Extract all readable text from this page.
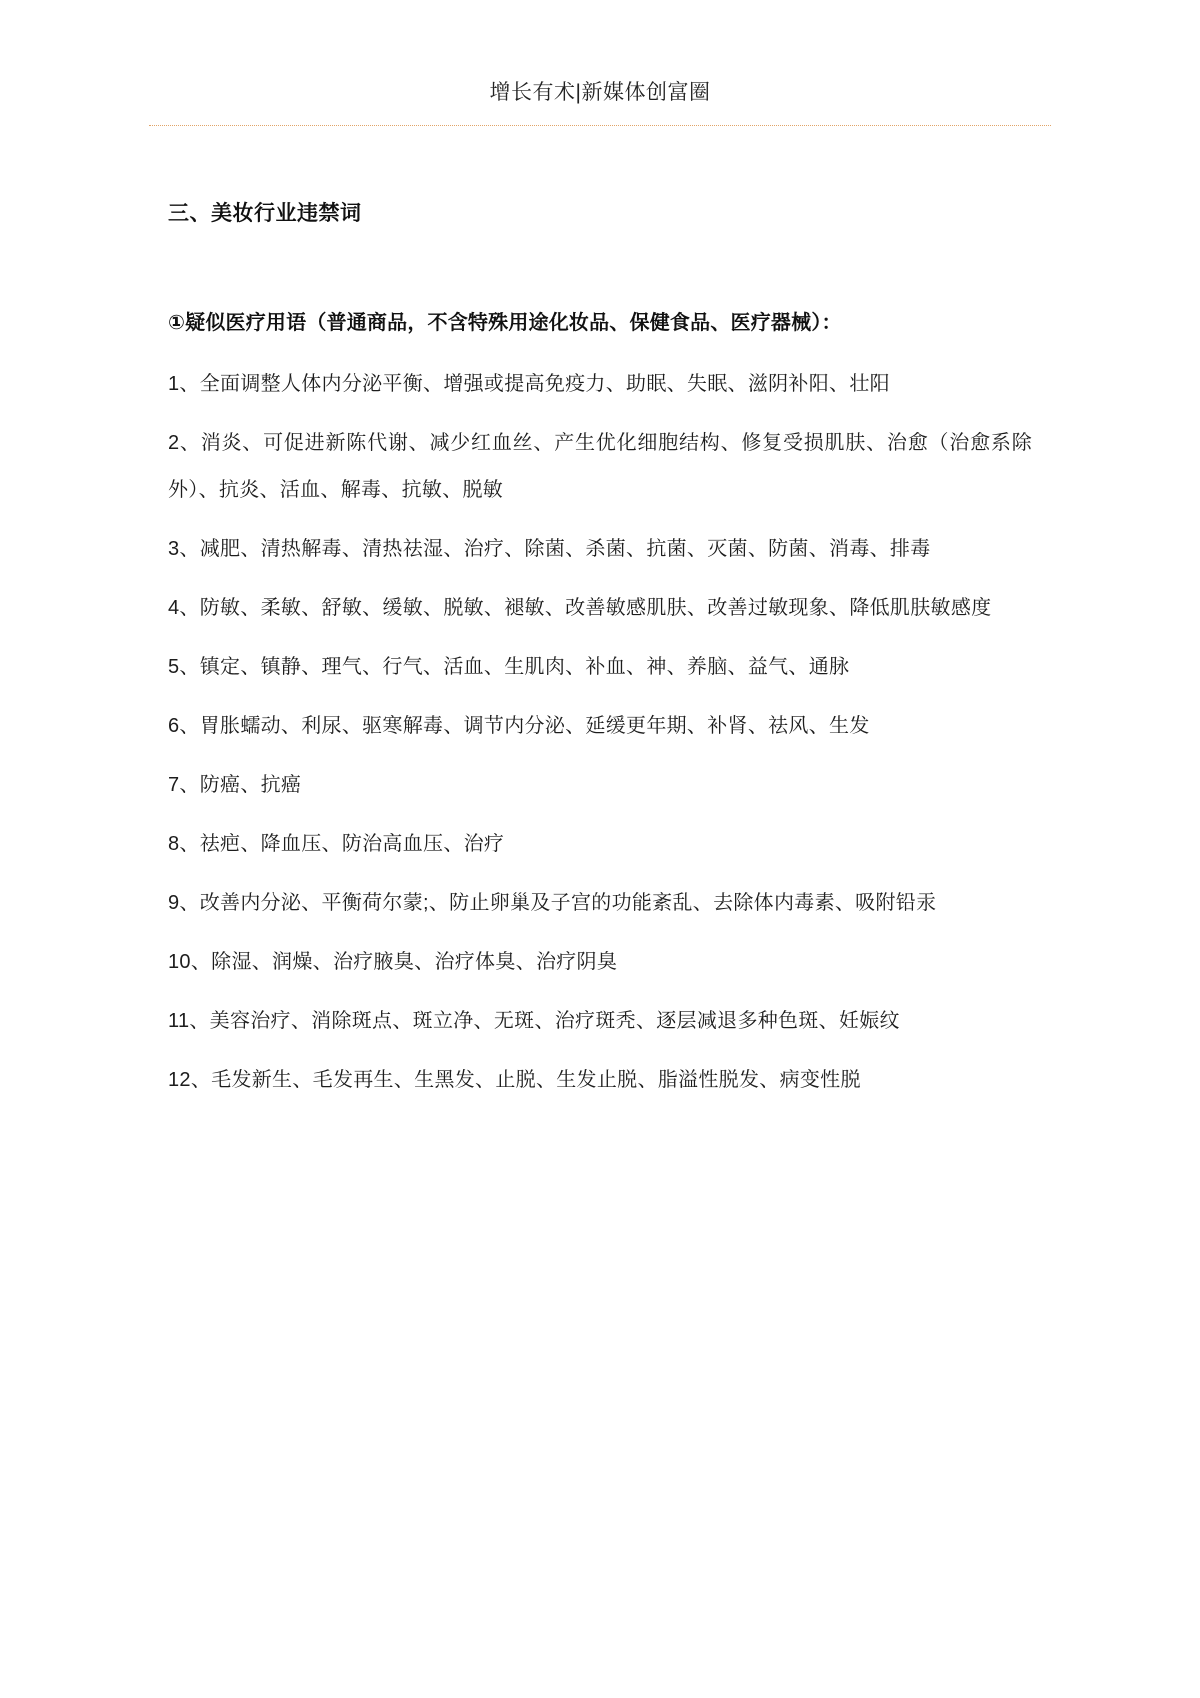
增长有术|新媒体创富圈
三、美妆行业违禁词

①疑似医疗用语（普通商品，不含特殊用途化妆品、保健食品、医疗器械）：

1、全面调整人体内分泌平衡、增强或提高免疫力、助眠、失眠、滋阴补阳、壮阳
2、消炎、可促进新陈代谢、减少红血丝、产生优化细胞结构、修复受损肌肤、治愈（治愈系除外）、抗炎、活血、解毒、抗敏、脱敏
3、减肥、清热解毒、清热祛湿、治疗、除菌、杀菌、抗菌、灭菌、防菌、消毒、排毒
4、防敏、柔敏、舒敏、缓敏、脱敏、褪敏、改善敏感肌肤、改善过敏现象、降低肌肤敏感度
5、镇定、镇静、理气、行气、活血、生肌肉、补血、神、养脑、益气、通脉
6、胃胀蠕动、利尿、驱寒解毒、调节内分泌、延缓更年期、补肾、祛风、生发
7、防癌、抗癌
8、祛疤、降血压、防治高血压、治疗
9、改善内分泌、平衡荷尔蒙;、防止卵巢及子宫的功能紊乱、去除体内毒素、吸附铅汞
10、除湿、润燥、治疗腋臭、治疗体臭、治疗阴臭
11、美容治疗、消除斑点、斑立净、无斑、治疗斑秃、逐层减退多种色斑、妊娠纹
12、毛发新生、毛发再生、生黑发、止脱、生发止脱、脂溢性脱发、病变性脱
